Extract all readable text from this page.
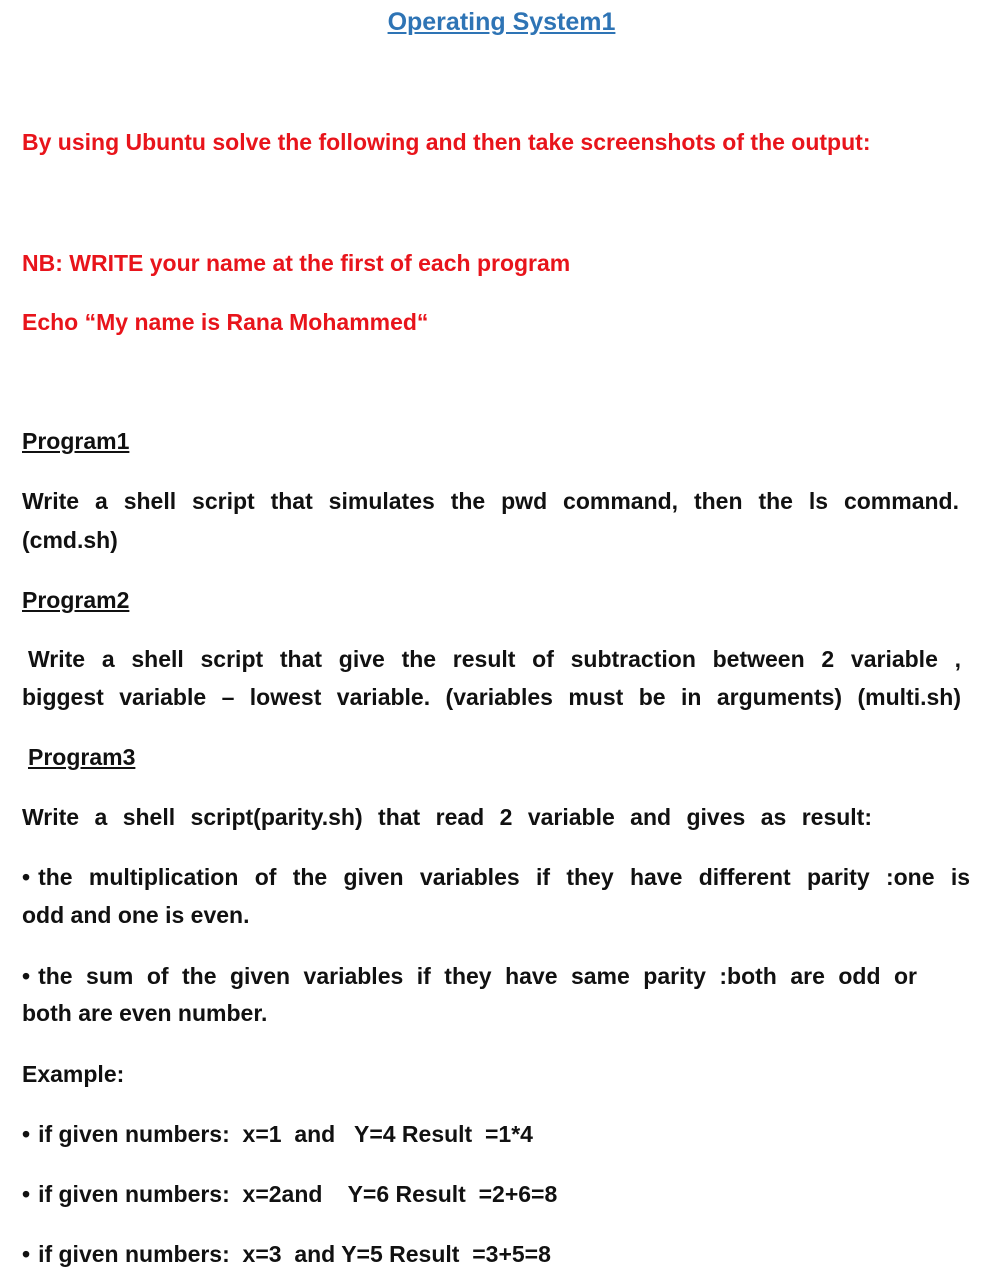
Operating System1
By using Ubuntu solve the following and then take screenshots of the output:
NB: WRITE your name at the first of each program
Echo “My name is Rana Mohammed“
Program1
Write a shell script that simulates the pwd command, then the ls command.
(cmd.sh)
Program2
Write a shell script that give the result of subtraction between 2 variable ,
biggest variable – lowest variable. (variables must be in arguments) (multi.sh)
Program3
Write a shell script(parity.sh) that read 2 variable and gives as result:
• the multiplication of the given variables if they have different parity :one is
odd and one is even.
• the sum of the given variables if they have same parity :both are odd or
both are even number.
Example:
• if given numbers:  x=1  and   Y=4 Result  =1*4
• if given numbers:  x=2and    Y=6 Result  =2+6=8
• if given numbers:  x=3  and Y=5 Result  =3+5=8
